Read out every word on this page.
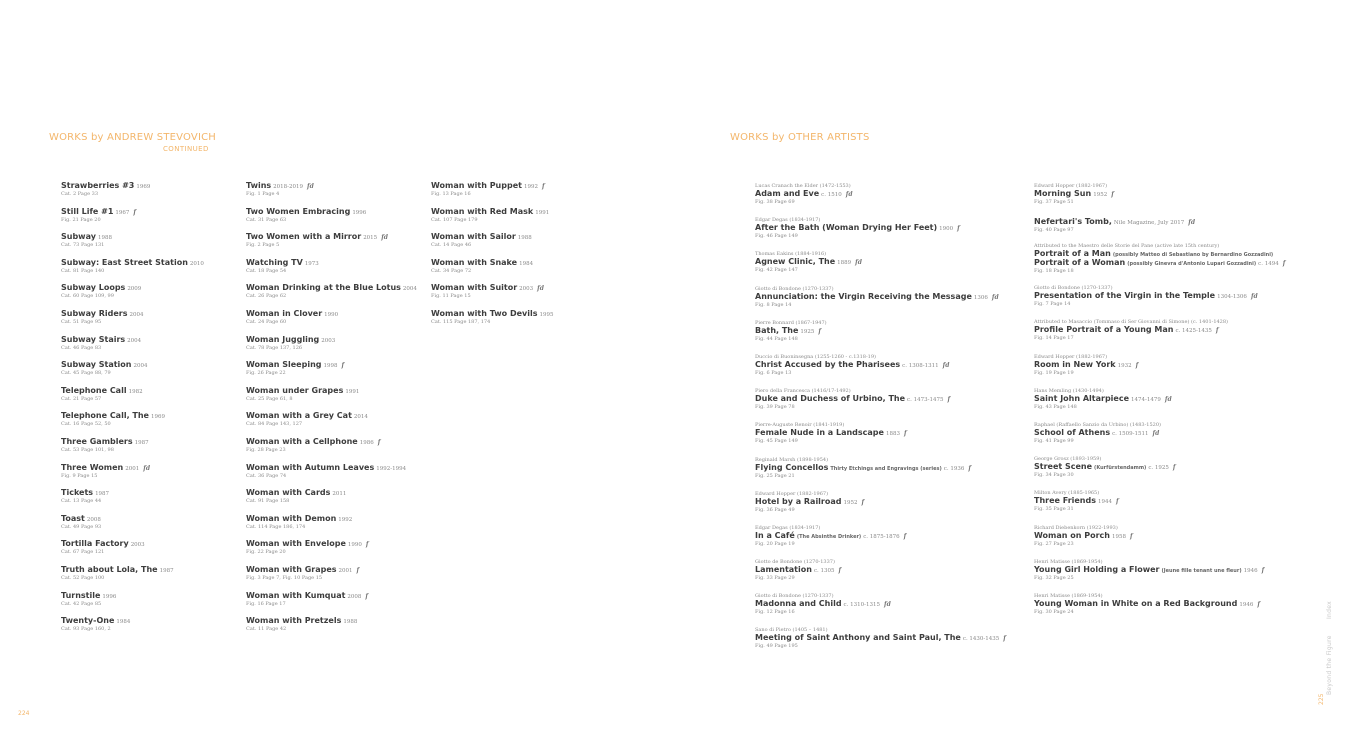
WORKS by ANDREW STEVOVICH
CONTINUED
Strawberries #3 1969
Cat. 2 Page 33
Still Life #1 1967 f
Fig. 21 Page 20
Subway 1988
Cat. 73 Page 131
Subway: East Street Station 2010
Cat. 81 Page 140
Subway Loops 2009
Cat. 60 Page 109, 99
Subway Riders 2004
Cat. 51 Page 95
Subway Stairs 2004
Cat. 46 Page 83
Subway Station 2004
Cat. 45 Page 88, 79
Telephone Call 1982
Cat. 21 Page 57
Telephone Call, The 1969
Cat. 16 Page 52, 50
Three Gamblers 1987
Cat. 53 Page 101, 98
Three Women 2001 fd
Fig. 9 Page 15
Tickets 1987
Cat. 13 Page 44
Toast 2008
Cat. 49 Page 93
Tortilla Factory 2003
Cat. 67 Page 121
Truth about Lola, The 1987
Cat. 52 Page 100
Turnstile 1996
Cat. 42 Page 85
Twenty-One 1984
Cat. 93 Page 160, 2
Twins 2018-2019 fd
Fig. 1 Page 4
Two Women Embracing 1996
Cat. 31 Page 63
Two Women with a Mirror 2015 fd
Fig. 2 Page 5
Watching TV 1973
Cat. 18 Page 54
Woman Drinking at the Blue Lotus 2004
Cat. 26 Page 62
Woman in Clover 1990
Cat. 24 Page 60
Woman Juggling 2003
Cat. 78 Page 137, 126
Woman Sleeping 1998 f
Fig. 26 Page 22
Woman under Grapes 1991
Cat. 25 Page 61, 8
Woman with a Grey Cat 2014
Cat. 84 Page 143, 127
Woman with a Cellphone 1986 f
Fig. 28 Page 23
Woman with Autumn Leaves 1992-1994
Cat. 36 Page 74
Woman with Cards 2011
Cat. 91 Page 158
Woman with Demon 1992
Cat. 114 Page 186, 174
Woman with Envelope 1990 f
Fig. 22 Page 20
Woman with Grapes 2001 f
Fig. 3 Page 7, Fig. 10 Page 15
Woman with Kumquat 2008 f
Fig. 16 Page 17
Woman with Pretzels 1988
Cat. 11 Page 42
Woman with Puppet 1992 f
Fig. 13 Page 16
Woman with Red Mask 1991
Cat. 107 Page 179
Woman with Sailor 1988
Cat. 14 Page 46
Woman with Snake 1984
Cat. 34 Page 72
Woman with Suitor 2003 fd
Fig. 11 Page 15
Woman with Two Devils 1995
Cat. 115 Page 187, 174
224
WORKS by OTHER ARTISTS
Lucas Cranach the Elder (1472-1553)
Adam and Eve c. 1510 fd
Fig. 38 Page 69
Edgar Degas (1834-1917)
After the Bath (Woman Drying Her Feet) 1900 f
Fig. 46 Page 149
Thomas Eakins (1884-1916)
Agnew Clinic, The 1889 fd
Fig. 42 Page 147
Giotto di Bondone (1270-1337)
Annunciation: the Virgin Receiving the Message 1306 fd
Fig. 8 Page 14
Pierre Bonnard (1867-1947)
Bath, The 1925 f
Fig. 44 Page 148
Duccio di Buoninsegna (1255-1260 - c.1318-19)
Christ Accused by the Pharisees c. 1308-1311 fd
Fig. 6 Page 13
Piero della Francesca (1416/17-1492)
Duke and Duchess of Urbino, The c. 1473-1475 f
Fig. 39 Page 78
Pierre-Auguste Renoir (1841-1919)
Female Nude in a Landscape 1883 f
Fig. 45 Page 149
Reginald Marsh (1898-1954)
Flying Concellos Thirty Etchings and Engravings (series) c. 1936 f
Fig. 25 Page 21
Edward Hopper (1882-1967)
Hotel by a Railroad 1952 f
Fig. 36 Page 49
Edgar Degas (1834-1917)
In a Café (The Absinthe Drinker) c. 1875-1876 f
Fig. 20 Page 19
Giotto de Bondone (1270-1337)
Lamentation c. 1305 f
Fig. 33 Page 29
Giotto di Bondone (1270-1337)
Madonna and Child c. 1310-1315 fd
Fig. 12 Page 16
Sano di Pietro (1405 – 1481)
Meeting of Saint Anthony and Saint Paul, The c. 1430-1435 f
Fig. 49 Page 195
Edward Hopper (1882-1967)
Morning Sun 1952 f
Fig. 37 Page 51
Nefertari's Tomb, Nile Magazine, July 2017 fd
Fig. 40 Page 97
Attributed to the Maestro delle Storie del Pane (active late 15th century)
Portrait of a Man (possibly Matteo di Sebastiano by Bernardino Gozzadini)
Portrait of a Woman (possibly Ginevra d'Antonio Lupari Gozzadini) c. 1494 f
Fig. 18 Page 18
Giotto di Bondone (1270-1337)
Presentation of the Virgin in the Temple 1304-1306 fd
Fig. 7 Page 14
Attributed to Masaccio (Tommaso di Ser Giovanni di Simone) (c. 1401-1428)
Profile Portrait of a Young Man c. 1425-1435 f
Fig. 14 Page 17
Edward Hopper (1882-1967)
Room in New York 1932 f
Fig. 19 Page 19
Hans Memling (1430-1494)
Saint John Altarpiece 1474-1479 fd
Fig. 43 Page 148
Raphael (Raffaello Sanzio da Urbino) (1483-1520)
School of Athens c. 1509-1511 fd
Fig. 41 Page 99
George Grosz (1893-1959)
Street Scene (Kurfürstendamm) c. 1925 f
Fig. 34 Page 30
Milton Avery (1885-1965)
Three Friends 1944 f
Fig. 35 Page 31
Richard Diebenkorn (1922-1993)
Woman on Porch 1958 f
Fig. 27 Page 23
Henri Matisse (1869-1954)
Young Girl Holding a Flower (Jeune fille tenant une fleur) 1946 f
Fig. 32 Page 25
Henri Matisse (1869-1954)
Young Woman in White on a Red Background 1946 f
Fig. 30 Page 24
Beyond the Figure Index
225
